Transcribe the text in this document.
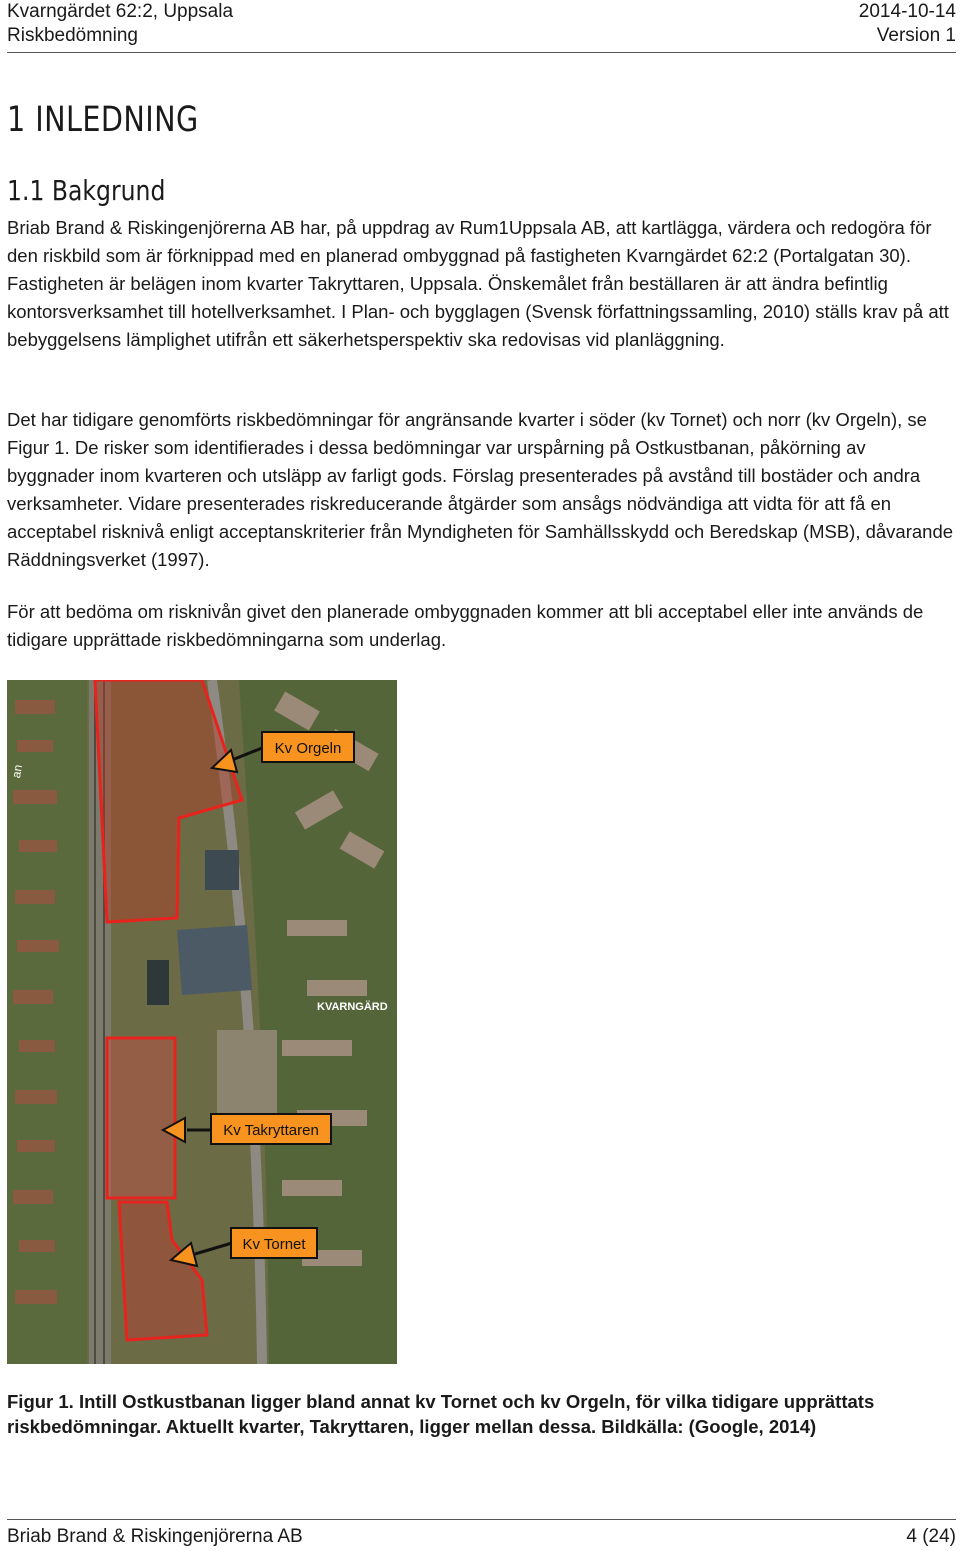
Kvarngärdet 62:2, Uppsala
Riskbedömning
2014-10-14
Version 1
1 INLEDNING
1.1 Bakgrund

Briab Brand & Riskingenjörerna AB har, på uppdrag av Rum1Uppsala AB, att kartlägga, värdera och redogöra för den riskbild som är förknippad med en planerad ombyggnad på fastigheten Kvarngärdet 62:2 (Portalgatan 30). Fastigheten är belägen inom kvarter Takryttaren, Uppsala. Önskemålet från beställaren är att ändra befintlig kontorsverksamhet till hotellverksamhet. I Plan- och bygglagen (Svensk författningssamling, 2010) ställs krav på att bebyggelsens lämplighet utifrån ett säkerhetsperspektiv ska redovisas vid planläggning.

Det har tidigare genomförts riskbedömningar för angränsande kvarter i söder (kv Tornet) och norr (kv Orgeln), se Figur 1. De risker som identifierades i dessa bedömningar var urspårning på Ostkustbanan, påkörning av byggnader inom kvarteren och utsläpp av farligt gods. Förslag presenterades på avstånd till bostäder och andra verksamheter. Vidare presenterades riskreducerande åtgärder som ansågs nödvändiga att vidta för att få en acceptabel risknivå enligt acceptanskriterier från Myndigheten för Samhällsskydd och Beredskap (MSB), dåvarande Räddningsverket (1997).

För att bedöma om risknivån givet den planerade ombyggnaden kommer att bli acceptabel eller inte används de tidigare upprättade riskbedömningarna som underlag.

KVARNGÄRD
an
Kv Orgeln
Kv Takryttaren
Kv Tornet

Figur 1. Intill Ostkustbanan ligger bland annat kv Tornet och kv Orgeln, för vilka tidigare upprättats riskbedömningar. Aktuellt kvarter, Takryttaren, ligger mellan dessa. Bildkälla: (Google, 2014)

Briab Brand & Riskingenjörerna AB	4 (24)
